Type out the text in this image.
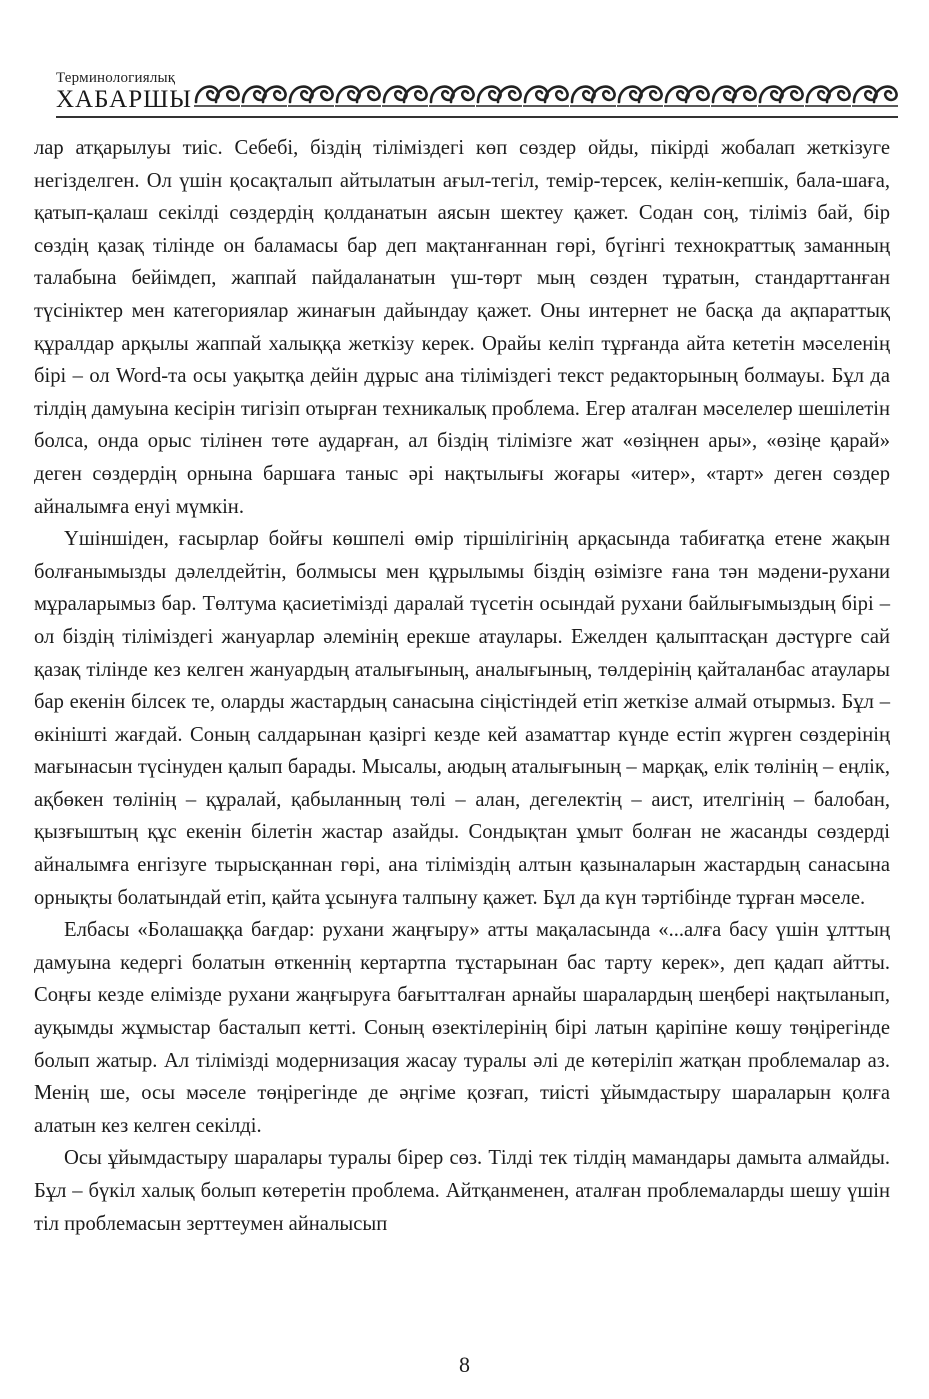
Терминологиялық
ХАБАРШЫ

лар атқарылуы тиіс. Себебі, біздің тіліміздегі көп сөздер ойды, пікірді жобалап жеткізуге негізделген. Ол үшін қосақталып айтылатын ағыл-тегіл, темір-терсек, келін-кепшік, бала-шаға, қатып-қалаш секілді сөздердің қолданатын аясын шектеу қажет. Содан соң, тіліміз бай, бір сөздің қазақ тілінде он баламасы бар деп мақтанғаннан гөрі, бүгінгі технократтық заманның талабына бейімдеп, жаппай пайдаланатын үш-төрт мың сөзден тұратын, стандарттанған түсініктер мен категориялар жинағын дайындау қажет. Оны интернет не басқа да ақпараттық құралдар арқылы жаппай халыққа жеткізу керек. Орайы келіп тұрғанда айта кететін мәселенің бірі – ол Word-та осы уақытқа дейін дұрыс ана тіліміздегі текст редакторының болмауы. Бұл да тілдің дамуына кесірін тигізіп отырған техникалық проблема. Егер аталған мәселелер шешілетін болса, онда орыс тілінен төте аударған, ал біздің тілімізге жат «өзіңнен ары», «өзіңе қарай» деген сөздердің орнына баршаға таныс әрі нақтылығы жоғары «итер», «тарт» деген сөздер айналымға енуі мүмкін.

Үшіншіден, ғасырлар бойғы көшпелі өмір тіршілігінің арқасында табиғатқа етене жақын болғанымызды дәлелдейтін, болмысы мен құрылымы біздің өзімізге ғана тән мәдени-рухани мұраларымыз бар. Төлтума қасиетімізді даралай түсетін осындай рухани байлығымыздың бірі – ол біздің тіліміздегі жануарлар әлемінің ерекше атаулары. Ежелден қалыптасқан дәстүрге сай қазақ тілінде кез келген жануардың аталығының, аналығының, төлдерінің қайталанбас атаулары бар екенін білсек те, оларды жастардың санасына сіңістіндей етіп жеткізе алмай отырмыз. Бұл – өкінішті жағдай. Соның салдарынан қазіргі кезде кей азаматтар күнде естіп жүрген сөздерінің мағынасын түсінуден қалып барады. Мысалы, аюдың аталығының – марқақ, елік төлінің – еңлік, ақбөкен төлінің – құралай, қабыланның төлі – алан, дегелектің – аист, ителгінің – балобан, қызғыштың құс екенін білетін жастар азайды. Сондықтан ұмыт болған не жасанды сөздерді айналымға енгізуге тырысқаннан гөрі, ана тіліміздің алтын қазыналарын жастардың санасына орнықты болатындай етіп, қайта ұсынуға талпыну қажет. Бұл да күн тәртібінде тұрған мәселе.

Елбасы «Болашаққа бағдар: рухани жаңғыру» атты мақаласында «...алға басу үшін ұлттың дамуына кедергі болатын өткеннің кертартпа тұстарынан бас тарту керек», деп қадап айтты. Соңғы кезде елімізде рухани жаңғыруға бағытталған арнайы шаралардың шеңбері нақтыланып, ауқымды жұмыстар басталып кетті. Соның өзектілерінің бірі латын қаріпіне көшу төңірегінде болып жатыр. Ал тілімізді модернизация жасау туралы әлі де көтеріліп жатқан проблемалар аз. Менің ше, осы мәселе төңірегінде де әңгіме қозғап, тиісті ұйымдастыру шараларын қолға алатын кез келген секілді.

Осы ұйымдастыру шаралары туралы бірер сөз. Тілді тек тілдің мамандары дамыта алмайды. Бұл – бүкіл халық болып көтеретін проблема. Айтқанменен, аталған проблемаларды шешу үшін тіл проблемасын зерттеумен айналысып

8
